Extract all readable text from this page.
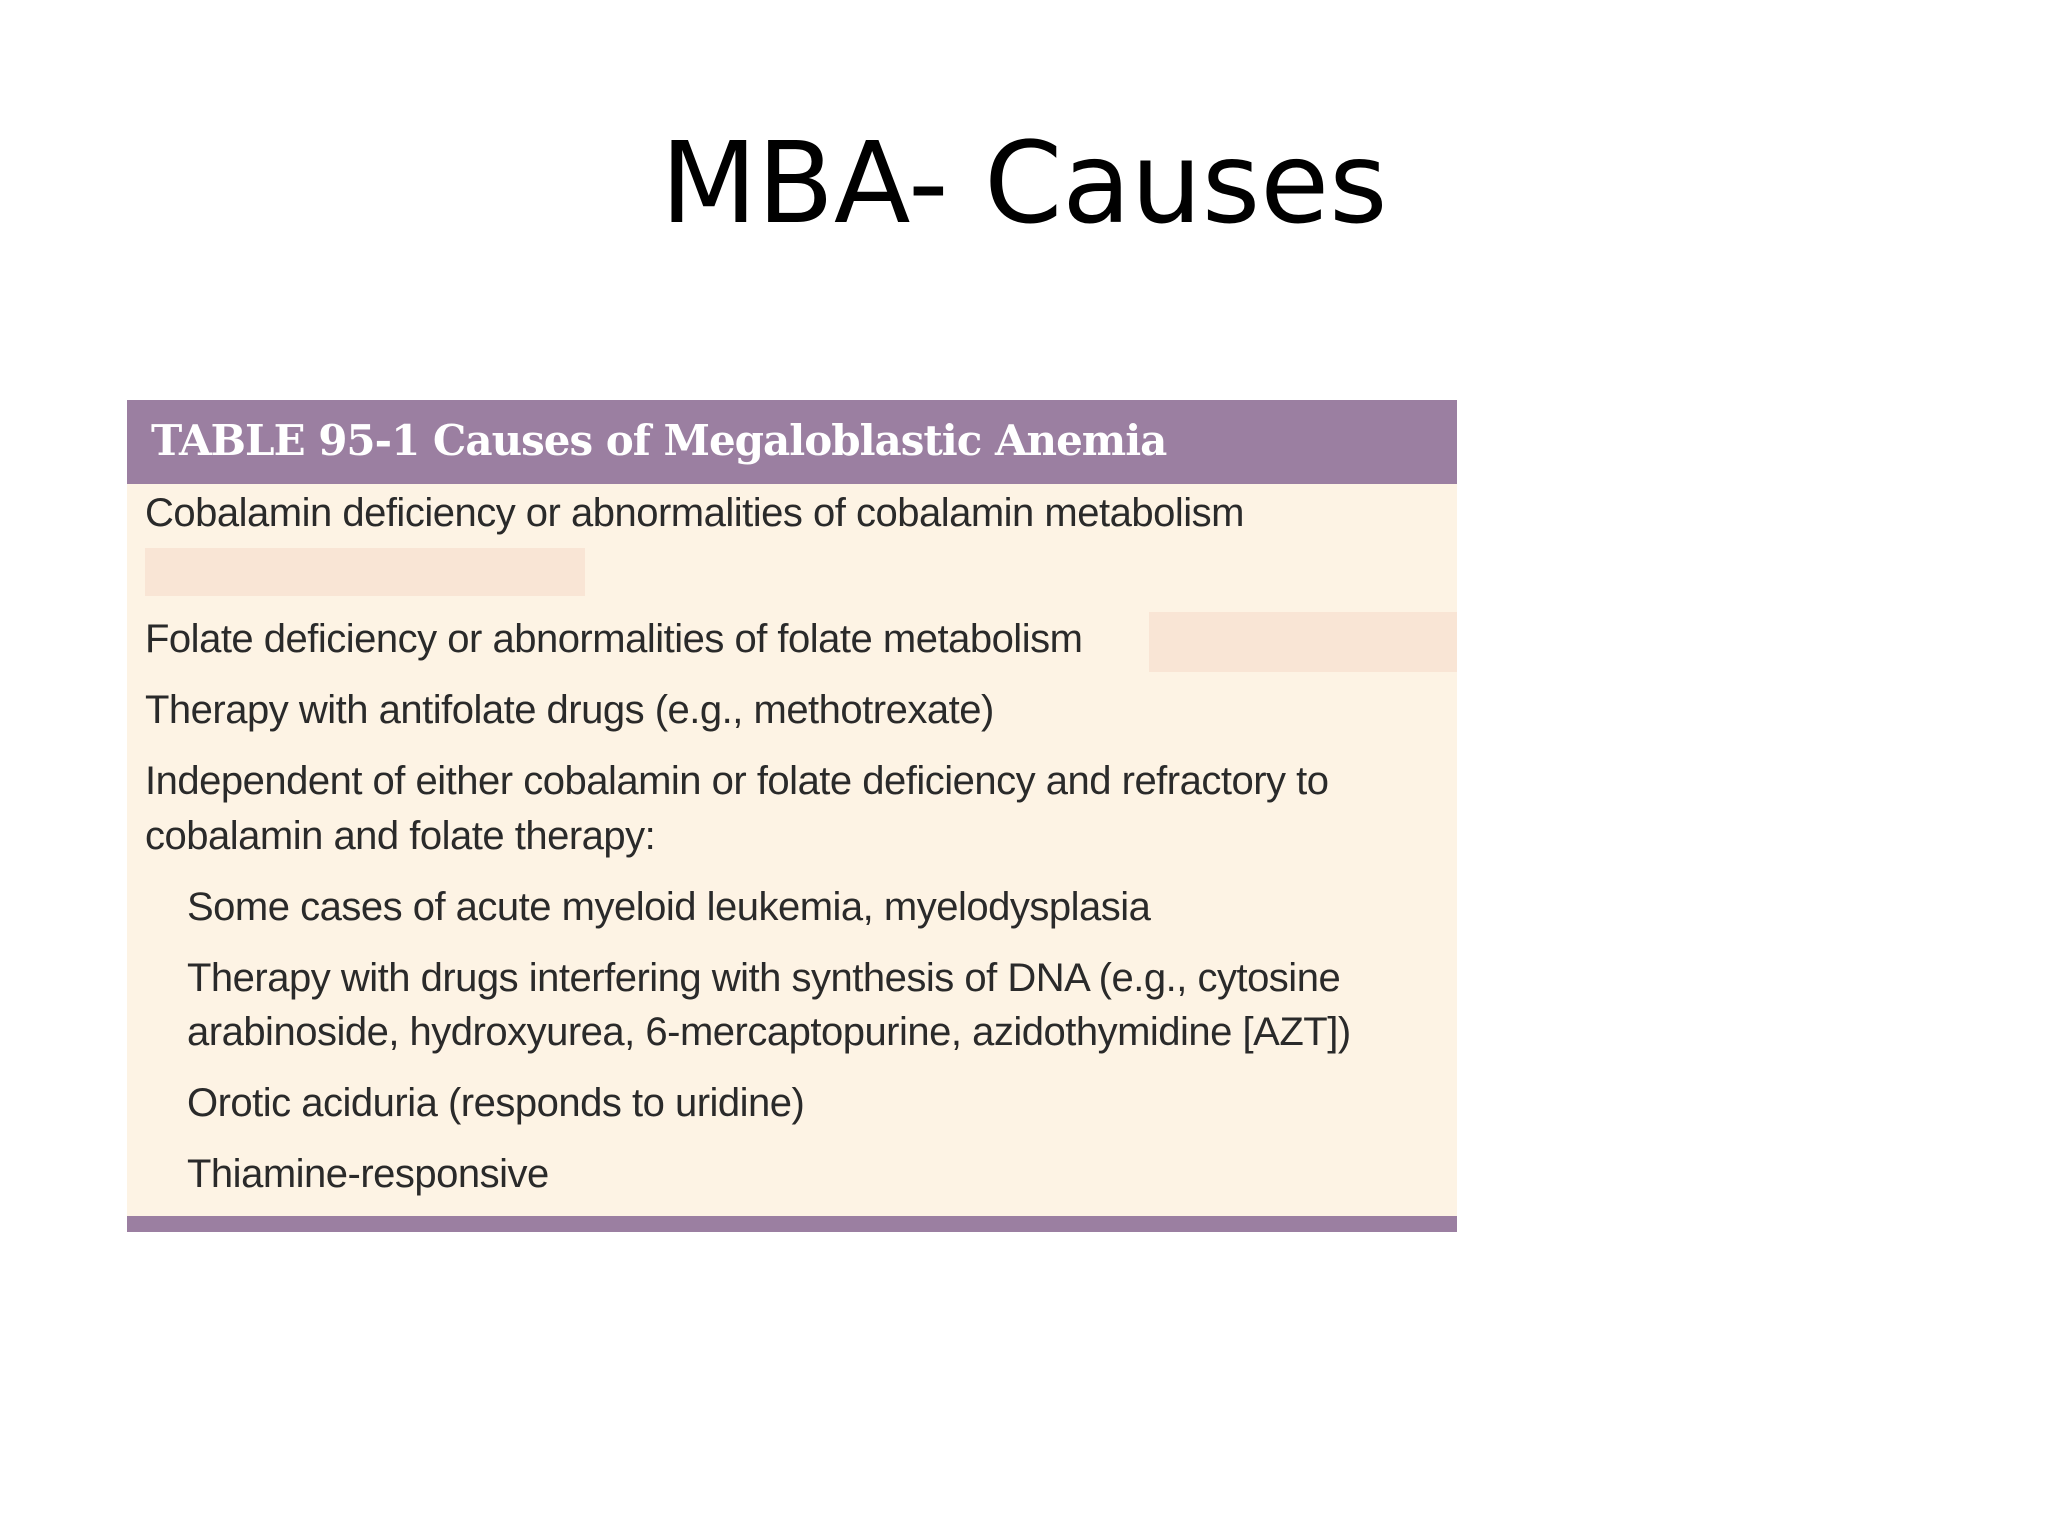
MBA- Causes
TABLE 95-1 Causes of Megaloblastic Anemia
Cobalamin deficiency or abnormalities of cobalamin metabolism
Folate deficiency or abnormalities of folate metabolism
Therapy with antifolate drugs (e.g., methotrexate)
Independent of either cobalamin or folate deficiency and refractory to
cobalamin and folate therapy:
Some cases of acute myeloid leukemia, myelodysplasia
Therapy with drugs interfering with synthesis of DNA (e.g., cytosine
arabinoside, hydroxyurea, 6-mercaptopurine, azidothymidine [AZT])
Orotic aciduria (responds to uridine)
Thiamine-responsive
